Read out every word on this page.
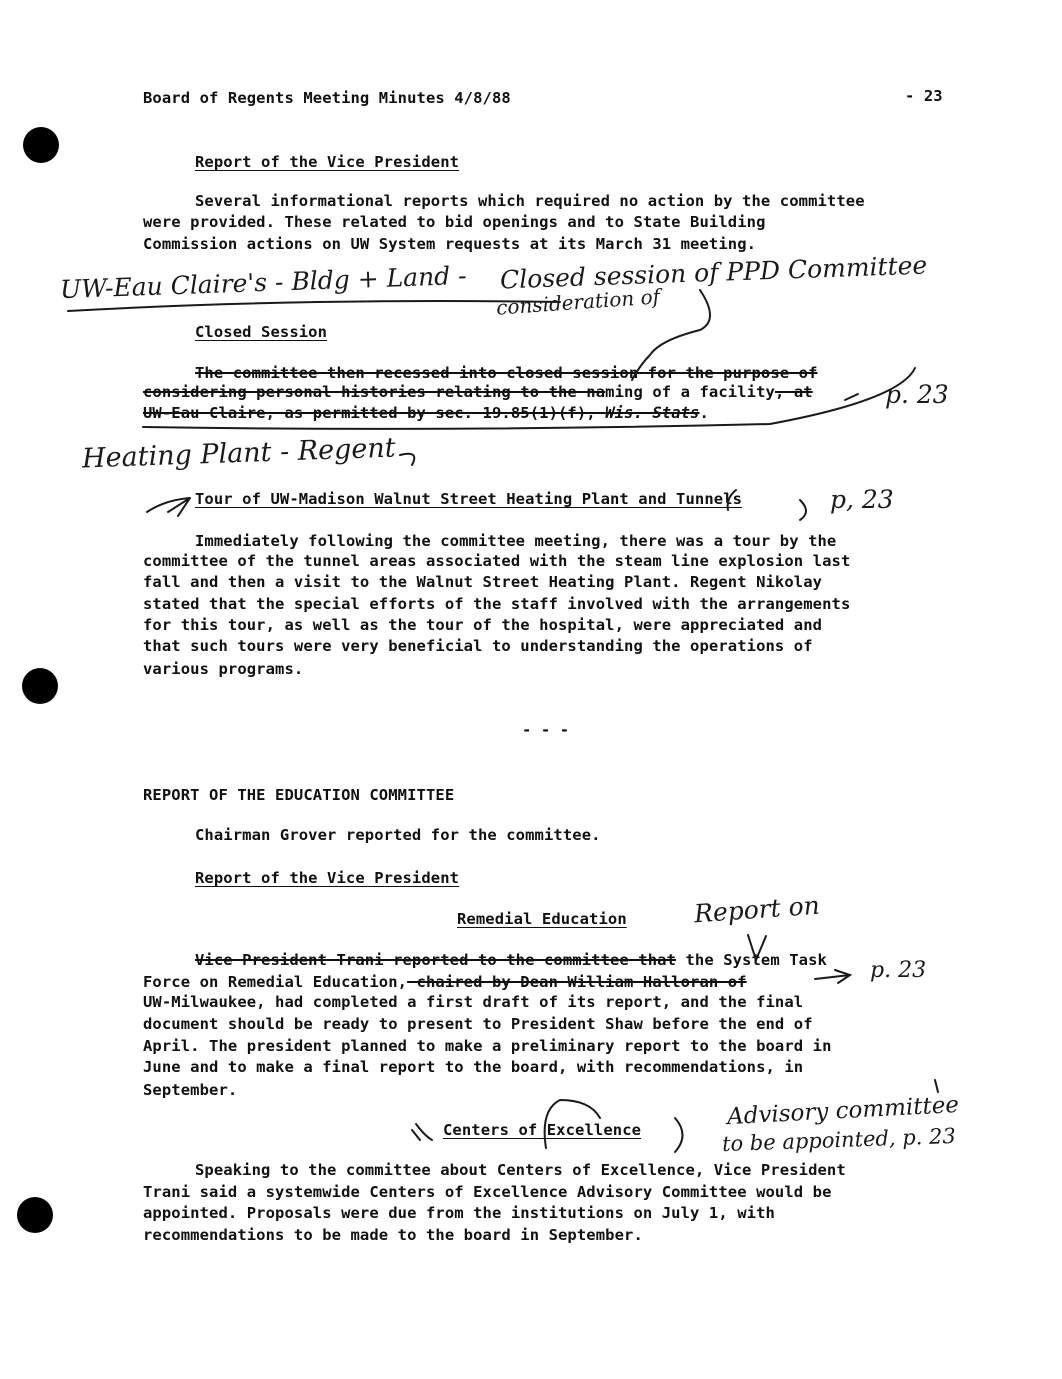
Board of Regents Meeting Minutes 4/8/88	- 23
Report of the Vice President
Several informational reports which required no action by the committee
were provided. These related to bid openings and to State Building
Commission actions on UW System requests at its March 31 meeting.
Closed Session
The committee then recessed into closed session for the purpose of
considering personal histories relating to the naming of a facility, at
UW-Eau Claire, as permitted by sec. 19.85(1)(f), Wis. Stats.
Tour of UW-Madison Walnut Street Heating Plant and Tunnels
Immediately following the committee meeting, there was a tour by the
committee of the tunnel areas associated with the steam line explosion last
fall and then a visit to the Walnut Street Heating Plant. Regent Nikolay
stated that the special efforts of the staff involved with the arrangements
for this tour, as well as the tour of the hospital, were appreciated and
that such tours were very beneficial to understanding the operations of
various programs.
- - -
REPORT OF THE EDUCATION COMMITTEE
Chairman Grover reported for the committee.
Report of the Vice President
Remedial Education
Vice President Trani reported to the committee that the System Task
Force on Remedial Education, chaired by Dean William Halloran of
UW-Milwaukee, had completed a first draft of its report, and the final
document should be ready to present to President Shaw before the end of
April. The president planned to make a preliminary report to the board in
June and to make a final report to the board, with recommendations, in
September.
Centers of Excellence
Speaking to the committee about Centers of Excellence, Vice President
Trani said a systemwide Centers of Excellence Advisory Committee would be
appointed. Proposals were due from the institutions on July 1, with
recommendations to be made to the board in September.
UW-Eau Claire's - Bldg + Land - Closed session of PPD Committee
consideration of
p. 23
Heating Plant - Regent
p, 23
Report on
p. 23
Advisory committee
to be appointed, p. 23
